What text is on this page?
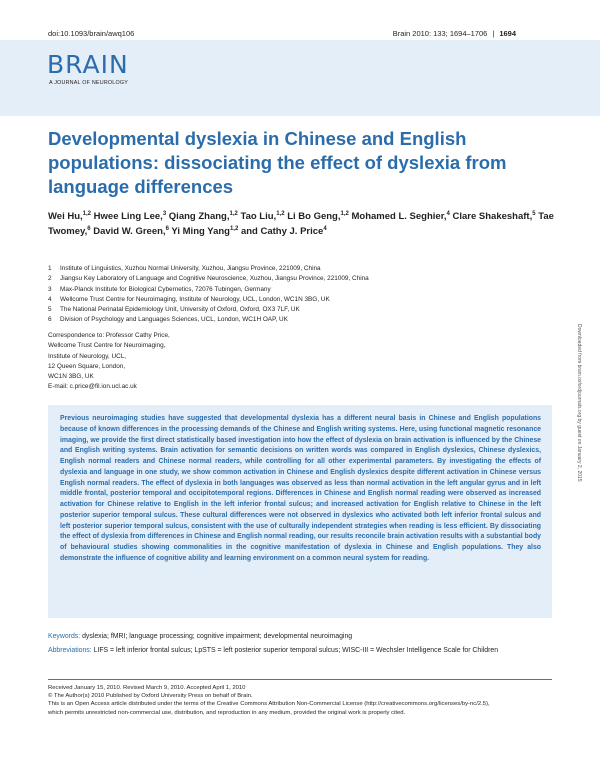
doi:10.1093/brain/awq106	Brain 2010: 133; 1694–1706 | 1694
BRAIN
A JOURNAL OF NEUROLOGY
Developmental dyslexia in Chinese and English populations: dissociating the effect of dyslexia from language differences
Wei Hu,$^{1,2}$ Hwee Ling Lee,$^3$ Qiang Zhang,$^{1,2}$ Tao Liu,$^{1,2}$ Li Bo Geng,$^{1,2}$ Mohamed L. Seghier,$^4$ Clare Shakeshaft,$^5$ Tae Twomey,$^6$ David W. Green,$^6$ Yi Ming Yang$^{1,2}$ and Cathy J. Price$^4$
1	Institute of Linguistics, Xuzhou Normal University, Xuzhou, Jiangsu Province, 221009, China
2	Jiangsu Key Laboratory of Language and Cognitive Neuroscience, Xuzhou, Jiangsu Province, 221009, China
3	Max-Planck Institute for Biological Cybernetics, 72076 Tubingen, Germany
4	Wellcome Trust Centre for Neuroimaging, Institute of Neurology, UCL, London, WC1N 3BG, UK
5	The National Perinatal Epidemiology Unit, University of Oxford, Oxford, OX3 7LF, UK
6	Division of Psychology and Languages Sciences, UCL, London, WC1H OAP, UK
Correspondence to: Professor Cathy Price,
Wellcome Trust Centre for Neuroimaging,
Institute of Neurology, UCL,
12 Queen Square, London,
WC1N 3BG, UK
E-mail: c.price@fil.ion.ucl.ac.uk

Previous neuroimaging studies have suggested that developmental dyslexia has a different neural basis in Chinese and English populations because of known differences in the processing demands of the Chinese and English writing systems. Here, using functional magnetic resonance imaging, we provide the first direct statistically based investigation into how the effect of dyslexia on brain activation is influenced by the Chinese and English writing systems. Brain activation for semantic decisions on written words was compared in English dyslexics, Chinese dyslexics, English normal readers and Chinese normal readers, while controlling for all other experimental parameters. By investigating the effects of dyslexia and language in one study, we show common activation in Chinese and English dyslexics despite different activation in Chinese versus English normal readers. The effect of dyslexia in both languages was observed as less than normal activation in the left angular gyrus and in left middle frontal, posterior temporal and occipitotemporal regions. Differences in Chinese and English normal reading were observed as increased activation for Chinese relative to English in the left inferior frontal sulcus; and increased activation for English relative to Chinese in the left posterior superior temporal sulcus. These cultural differences were not observed in dyslexics who activated both left inferior frontal sulcus and left posterior superior temporal sulcus, consistent with the use of culturally independent strategies when reading is less efficient. By dissociating the effect of dyslexia from differences in Chinese and English normal reading, our results reconcile brain activation results with a substantial body of behavioural studies showing commonalities in the cognitive manifestation of dyslexia in Chinese and English populations. They also demonstrate the influence of cognitive ability and learning environment on a common neural system for reading.

Keywords: dyslexia; fMRI; language processing; cognitive impairment; developmental neuroimaging
Abbreviations: LIFS = left inferior frontal sulcus; LpSTS = left posterior superior temporal sulcus; WISC-III = Wechsler Intelligence Scale for Children
Received January 15, 2010. Revised March 9, 2010. Accepted April 1, 2010
© The Author(s) 2010 Published by Oxford University Press on behalf of Brain.
This is an Open Access article distributed under the terms of the Creative Commons Attribution Non-Commercial License (http://creativecommons.org/licenses/by-nc/2.5),
which permits unrestricted non-commercial use, distribution, and reproduction in any medium, provided the original work is properly cited.
Downloaded from brain.oxfordjournals.org by guest on January 2, 2015
